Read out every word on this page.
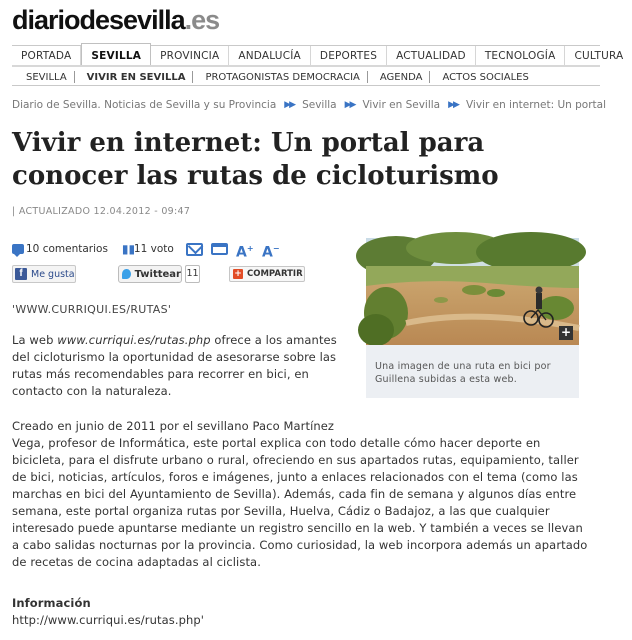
diariodesevilla.es
PORTADA	SEVILLA	PROVINCIA	ANDALUCÍA	DEPORTES	ACTUALIDAD	TECNOLOGÍA	CULTURA
SEVILLA	VIVIR EN SEVILLA	PROTAGONISTAS DEMOCRACIA	AGENDA	ACTOS SOCIALES
Diario de Sevilla. Noticias de Sevilla y su Provincia ▶▶ Sevilla ▶▶ Vivir en Sevilla ▶▶ Vivir en internet: Un portal
Vivir en internet: Un portal para conocer las rutas de cicloturismo
| ACTUALIZADO 12.04.2012 - 09:47
10 comentarios ▮▮
11 voto	A+ A−
f Me gusta	Twittear 11	+ COMPARTIR
+
Una imagen de una ruta en bici por Guillena subidas a esta web.
'WWW.CURRIQUI.ES/RUTAS'
La web www.curriqui.es/rutas.php ofrece a los amantes del cicloturismo la oportunidad de asesorarse sobre las rutas más recomendables para recorrer en bici, en contacto con la naturaleza.
Creado en junio de 2011 por el sevillano Paco Martínez
Vega, profesor de Informática, este portal explica con todo detalle cómo hacer deporte en bicicleta, para el disfrute urbano o rural, ofreciendo en sus apartados rutas, equipamiento, taller de bici, noticias, artículos, foros e imágenes, junto a enlaces relacionados con el tema (como las marchas en bici del Ayuntamiento de Sevilla). Además, cada fin de semana y algunos días entre semana, este portal organiza rutas por Sevilla, Huelva, Cádiz o Badajoz, a las que cualquier interesado puede apuntarse mediante un registro sencillo en la web. Y también a veces se llevan a cabo salidas nocturnas por la provincia. Como curiosidad, la web incorpora además un apartado de recetas de cocina adaptadas al ciclista.
Información
http://www.curriqui.es/rutas.php'
